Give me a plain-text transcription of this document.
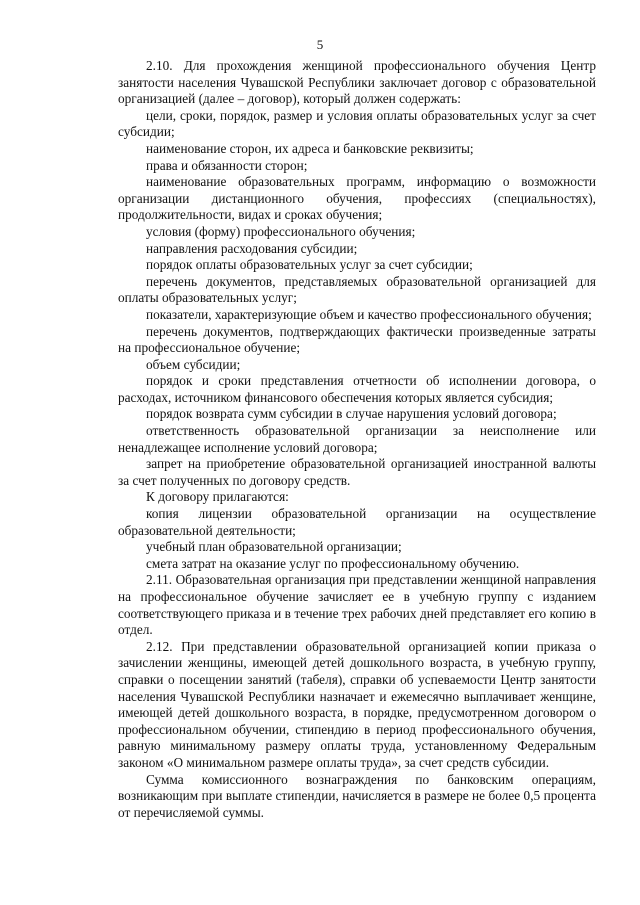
5

2.10. Для прохождения женщиной профессионального обучения Центр занятости населения Чувашской Республики заключает договор с образовательной организацией (далее – договор), который должен содержать:

цели, сроки, порядок, размер и условия оплаты образовательных услуг за счет субсидии;

наименование сторон, их адреса и банковские реквизиты;

права и обязанности сторон;

наименование образовательных программ, информацию о возможности организации дистанционного обучения, профессиях (специальностях), продолжительности, видах и сроках обучения;

условия (форму) профессионального обучения;

направления расходования субсидии;

порядок оплаты образовательных услуг за счет субсидии;

перечень документов, представляемых образовательной организацией для оплаты образовательных услуг;

показатели, характеризующие объем и качество профессионального обучения;

перечень документов, подтверждающих фактически произведенные затраты на профессиональное обучение;

объем субсидии;

порядок и сроки представления отчетности об исполнении договора, о расходах, источником финансового обеспечения которых является субсидия;

порядок возврата сумм субсидии в случае нарушения условий договора;

ответственность образовательной организации за неисполнение или ненадлежащее исполнение условий договора;

запрет на приобретение образовательной организацией иностранной валюты за счет полученных по договору средств.

К договору прилагаются:

копия лицензии образовательной организации на осуществление образовательной деятельности;

учебный план образовательной организации;

смета затрат на оказание услуг по профессиональному обучению.

2.11. Образовательная организация при представлении женщиной направления на профессиональное обучение зачисляет ее в учебную группу с изданием соответствующего приказа и в течение трех рабочих дней представляет его копию в отдел.

2.12. При представлении образовательной организацией копии приказа о зачислении женщины, имеющей детей дошкольного возраста, в учебную группу, справки о посещении занятий (табеля), справки об успеваемости Центр занятости населения Чувашской Республики назначает и ежемесячно выплачивает женщине, имеющей детей дошкольного возраста, в порядке, предусмотренном договором о профессиональном обучении, стипендию в период профессионального обучения, равную минимальному размеру оплаты труда, установленному Федеральным законом «О минимальном размере оплаты труда», за счет средств субсидии.

Сумма комиссионного вознаграждения по банковским операциям, возникающим при выплате стипендии, начисляется в размере не более 0,5 процента от перечисляемой суммы.
